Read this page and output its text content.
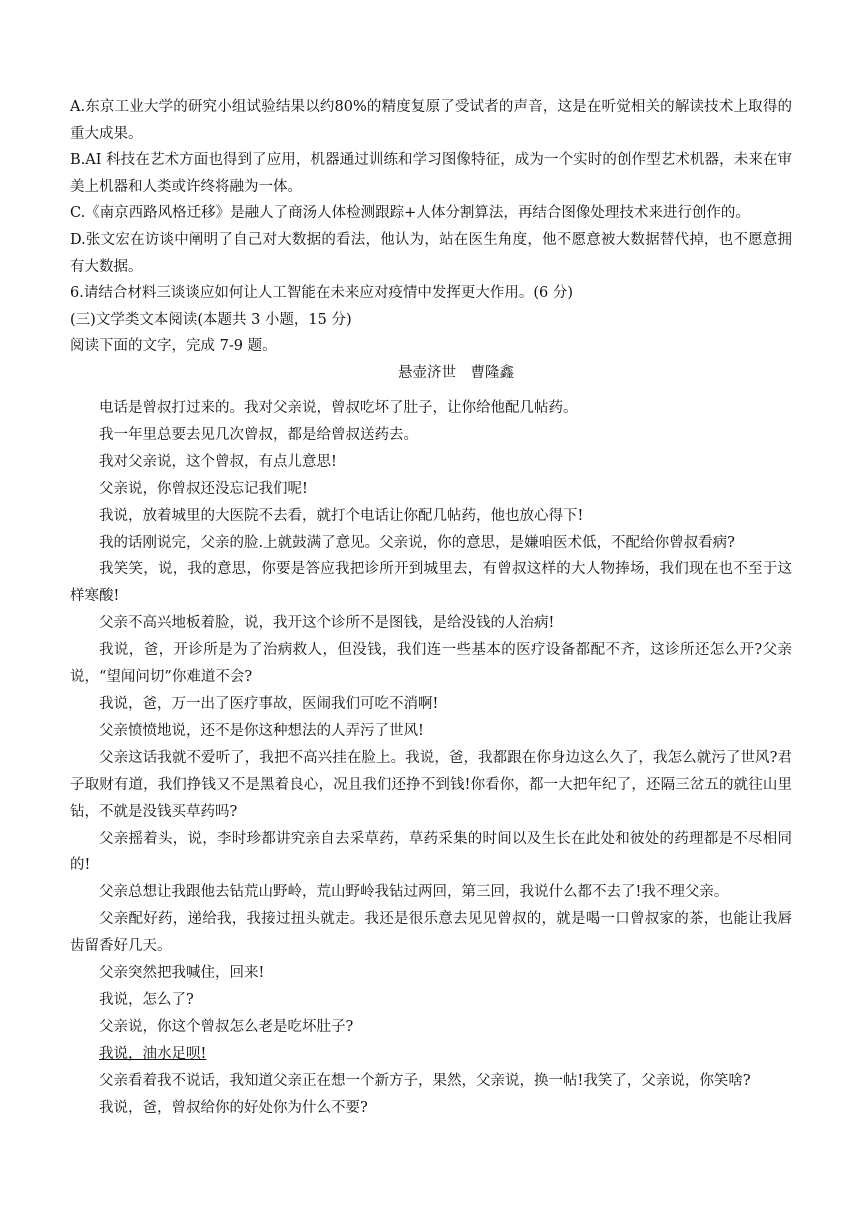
A.东京工业大学的研究小组试验结果以约80%的精度复原了受试者的声音，这是在听觉相关的解读技术上取得的重大成果。

B.AI 科技在艺术方面也得到了应用，机器通过训练和学习图像特征，成为一个实时的创作型艺术机器，未来在审美上机器和人类或许终将融为一体。

C.《南京西路风格迁移》是融人了商汤人体检测跟踪+人体分割算法，再结合图像处理技术来进行创作的。

D.张文宏在访谈中阐明了自己对大数据的看法，他认为，站在医生角度，他不愿意被大数据替代掉，也不愿意拥有大数据。

6.请结合材料三谈谈应如何让人工智能在未来应对疫情中发挥更大作用。(6 分)

(三)文学类文本阅读(本题共 3 小题，15 分)

阅读下面的文字，完成 7-9 题。

悬壶济世　曹隆鑫

电话是曾叔打过来的。我对父亲说，曾叔吃坏了肚子，让你给他配几帖药。

我一年里总要去见几次曾叔，都是给曾叔送药去。

我对父亲说，这个曾叔，有点儿意思!

父亲说，你曾叔还没忘记我们呢!

我说，放着城里的大医院不去看，就打个电话让你配几帖药，他也放心得下!

我的话刚说完，父亲的脸.上就鼓满了意见。父亲说，你的意思，是嫌咱医术低，不配给你曾叔看病?

我笑笑，说，我的意思，你要是答应我把诊所开到城里去，有曾叔这样的大人物捧场，我们现在也不至于这样寒酸!

父亲不高兴地板着脸，说，我开这个诊所不是图钱，是给没钱的人治病!

我说，爸，开诊所是为了治病救人，但没钱，我们连一些基本的医疗设备都配不齐，这诊所还怎么开?父亲说，“望闻问切”你难道不会?

我说，爸，万一出了医疗事故，医闹我们可吃不消啊!

父亲愤愤地说，还不是你这种想法的人弄污了世风!

父亲这话我就不爱听了，我把不高兴挂在脸上。我说，爸，我都跟在你身边这么久了，我怎么就污了世风?君子取财有道，我们挣钱又不是黑着良心，况且我们还挣不到钱!你看你，都一大把年纪了，还隔三岔五的就往山里钻，不就是没钱买草药吗?

父亲摇着头，说，李时珍都讲究亲自去采草药，草药采集的时间以及生长在此处和彼处的药理都是不尽相同的!

父亲总想让我跟他去钻荒山野岭，荒山野岭我钻过两回，第三回，我说什么都不去了!我不理父亲。

父亲配好药，递给我，我接过扭头就走。我还是很乐意去见见曾叔的，就是喝一口曾叔家的茶，也能让我唇齿留香好几天。

父亲突然把我喊住，回来!

我说，怎么了?

父亲说，你这个曾叔怎么老是吃坏肚子?

我说，油水足呗!

父亲看着我不说话，我知道父亲正在想一个新方子，果然，父亲说，换一帖!我笑了，父亲说，你笑啥?

我说，爸，曾叔给你的好处你为什么不要?
